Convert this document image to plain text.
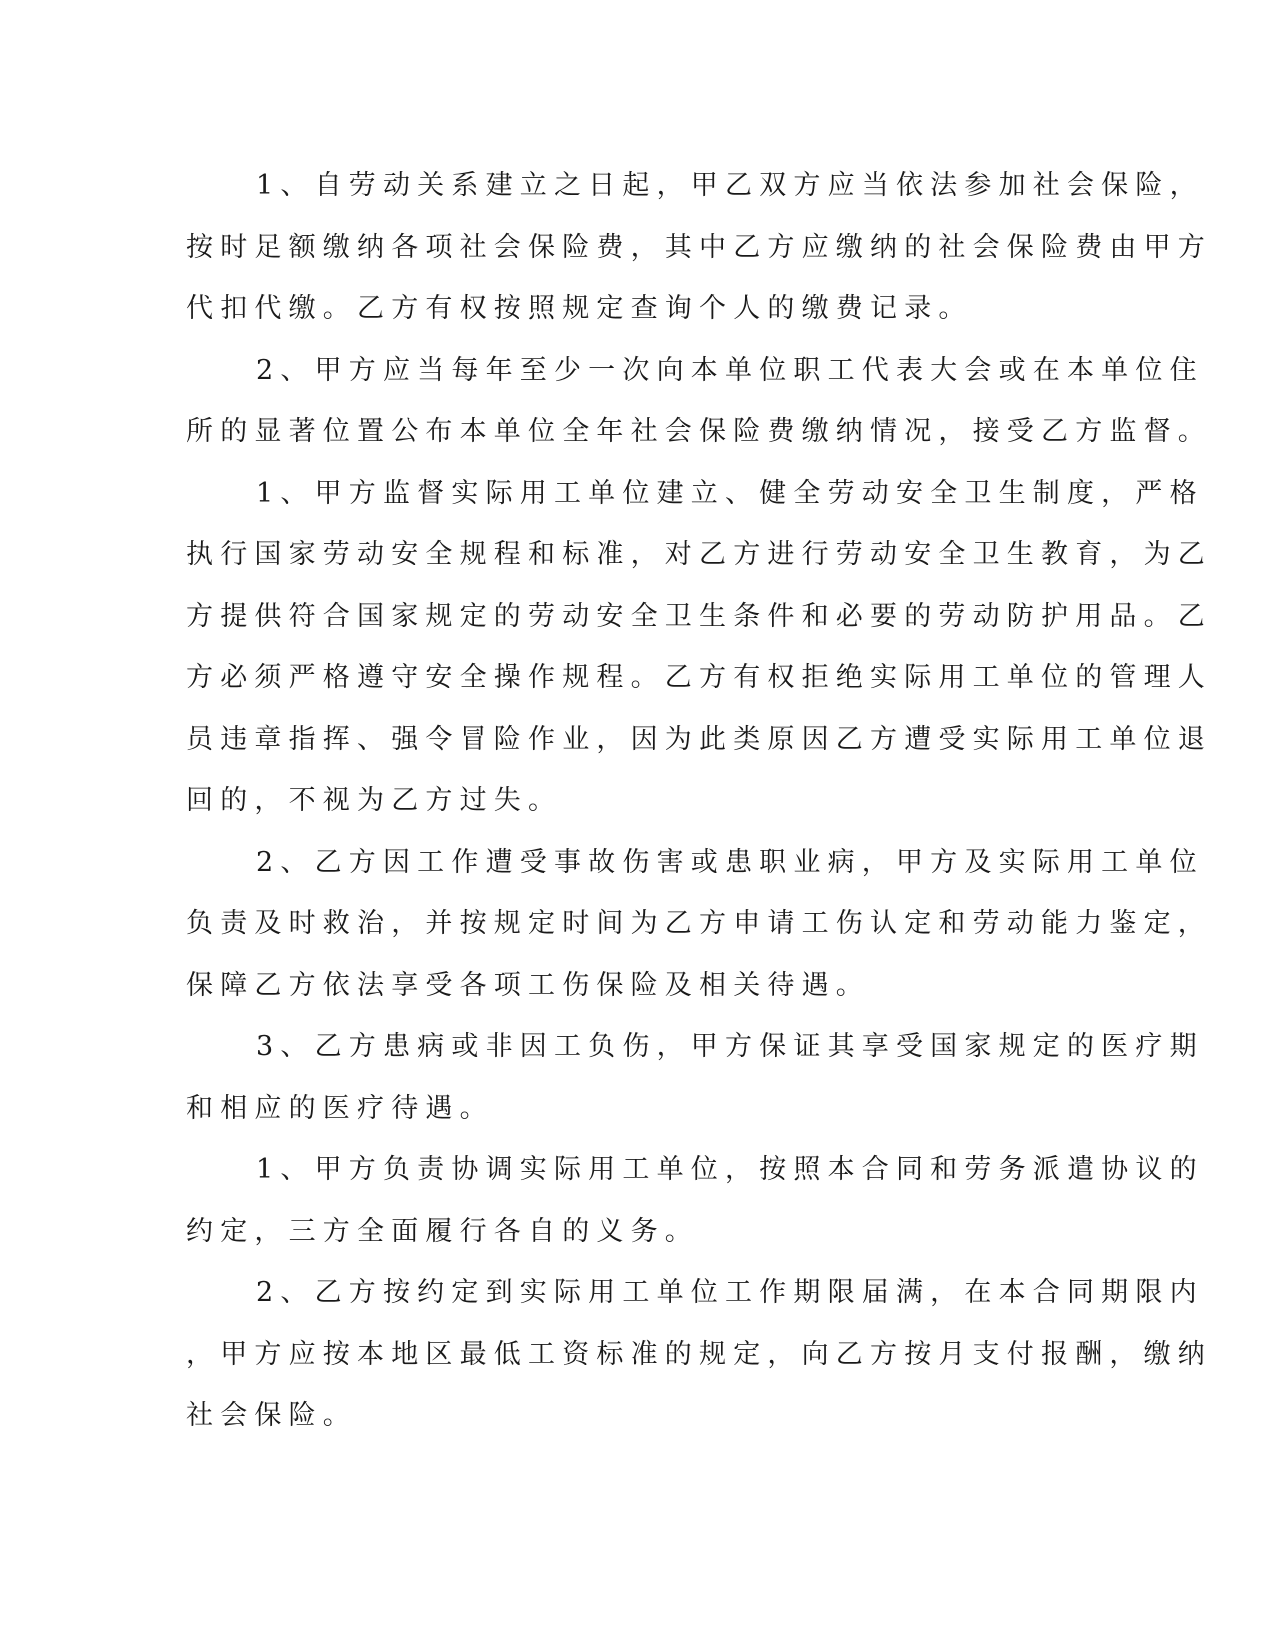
1、自劳动关系建立之日起，甲乙双方应当依法参加社会保险，
按时足额缴纳各项社会保险费，其中乙方应缴纳的社会保险费由甲方
代扣代缴。乙方有权按照规定查询个人的缴费记录。

2、甲方应当每年至少一次向本单位职工代表大会或在本单位住
所的显著位置公布本单位全年社会保险费缴纳情况，接受乙方监督。

1、甲方监督实际用工单位建立、健全劳动安全卫生制度，严格
执行国家劳动安全规程和标准，对乙方进行劳动安全卫生教育，为乙
方提供符合国家规定的劳动安全卫生条件和必要的劳动防护用品。乙
方必须严格遵守安全操作规程。乙方有权拒绝实际用工单位的管理人
员违章指挥、强令冒险作业，因为此类原因乙方遭受实际用工单位退
回的，不视为乙方过失。

2、乙方因工作遭受事故伤害或患职业病，甲方及实际用工单位
负责及时救治，并按规定时间为乙方申请工伤认定和劳动能力鉴定，
保障乙方依法享受各项工伤保险及相关待遇。

3、乙方患病或非因工负伤，甲方保证其享受国家规定的医疗期
和相应的医疗待遇。

1、甲方负责协调实际用工单位，按照本合同和劳务派遣协议的
约定，三方全面履行各自的义务。

2、乙方按约定到实际用工单位工作期限届满，在本合同期限内
，甲方应按本地区最低工资标准的规定，向乙方按月支付报酬，缴纳
社会保险。
